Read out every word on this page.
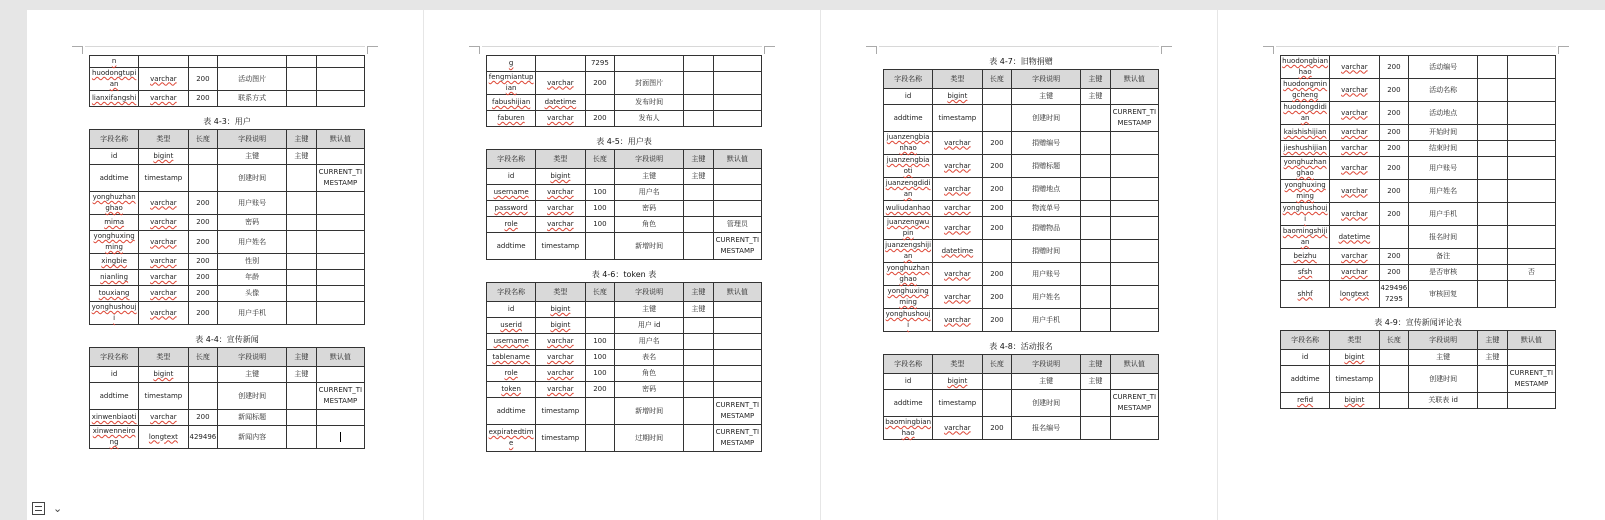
n					
huodongtupian	varchar	200	活动图片		
lianxifangshi	varchar	200	联系方式		
表 4-3：用户
字段名称	类型	长度	字段说明	主键	默认值
id	bigint		主键	主键	
addtime	timestamp		创建时间		CURRENT_TIMESTAMP
yonghuzhanghao	varchar	200	用户账号		
mima	varchar	200	密码		
yonghuxingming	varchar	200	用户姓名		
xingbie	varchar	200	性别		
nianling	varchar	200	年龄		
touxiang	varchar	200	头像		
yonghushouji	varchar	200	用户手机		
表 4-4：宣传新闻
字段名称	类型	长度	字段说明	主键	默认值
id	bigint		主键	主键	
addtime	timestamp		创建时间		CURRENT_TIMESTAMP
xinwenbiaoti	varchar	200	新闻标题		
xinwenneirong	longtext	429496	新闻内容		
g		7295			
fengmiantupian	varchar	200	封面图片		
fabushijian	datetime		发布时间		
faburen	varchar	200	发布人		
表 4-5：用户表
字段名称	类型	长度	字段说明	主键	默认值
id	bigint		主键	主键	
username	varchar	100	用户名		
password	varchar	100	密码		
role	varchar	100	角色		管理员
addtime	timestamp		新增时间		CURRENT_TIMESTAMP
表 4-6：token 表
字段名称	类型	长度	字段说明	主键	默认值
id	bigint		主键	主键	
userid	bigint		用户 id		
username	varchar	100	用户名		
tablename	varchar	100	表名		
role	varchar	100	角色		
token	varchar	200	密码		
addtime	timestamp		新增时间		CURRENT_TIMESTAMP
expiratedtime	timestamp		过期时间		CURRENT_TIMESTAMP
表 4-7：旧物捐赠
字段名称	类型	长度	字段说明	主键	默认值
id	bigint		主键	主键	
addtime	timestamp		创建时间		CURRENT_TIMESTAMP
juanzengbianhao	varchar	200	捐赠编号		
juanzengbiaoti	varchar	200	捐赠标题		
juanzengdidian	varchar	200	捐赠地点		
wuliudanhao	varchar	200	物流单号		
juanzengwupin	varchar	200	捐赠物品		
juanzengshijian	datetime		捐赠时间		
yonghuzhanghao	varchar	200	用户账号		
yonghuxingming	varchar	200	用户姓名		
yonghushouji	varchar	200	用户手机		
表 4-8：活动报名
字段名称	类型	长度	字段说明	主键	默认值
id	bigint		主键	主键	
addtime	timestamp		创建时间		CURRENT_TIMESTAMP
baomingbianhao	varchar	200	报名编号		
huodongbianhao	varchar	200	活动编号		
huodongmingcheng	varchar	200	活动名称		
huodongdidian	varchar	200	活动地点		
kaishishijian	varchar	200	开始时间		
jieshushijian	varchar	200	结束时间		
yonghuzhanghao	varchar	200	用户账号		
yonghuxingming	varchar	200	用户姓名		
yonghushouji	varchar	200	用户手机		
baomingshijian	datetime		报名时间		
beizhu	varchar	200	备注		
sfsh	varchar	200	是否审核		否
shhf	longtext	4294967295	审核回复		
表 4-9：宣传新闻评论表
字段名称	类型	长度	字段说明	主键	默认值
id	bigint		主键	主键	
addtime	timestamp		创建时间		CURRENT_TIMESTAMP
refid	bigint		关联表 id		
⌄
